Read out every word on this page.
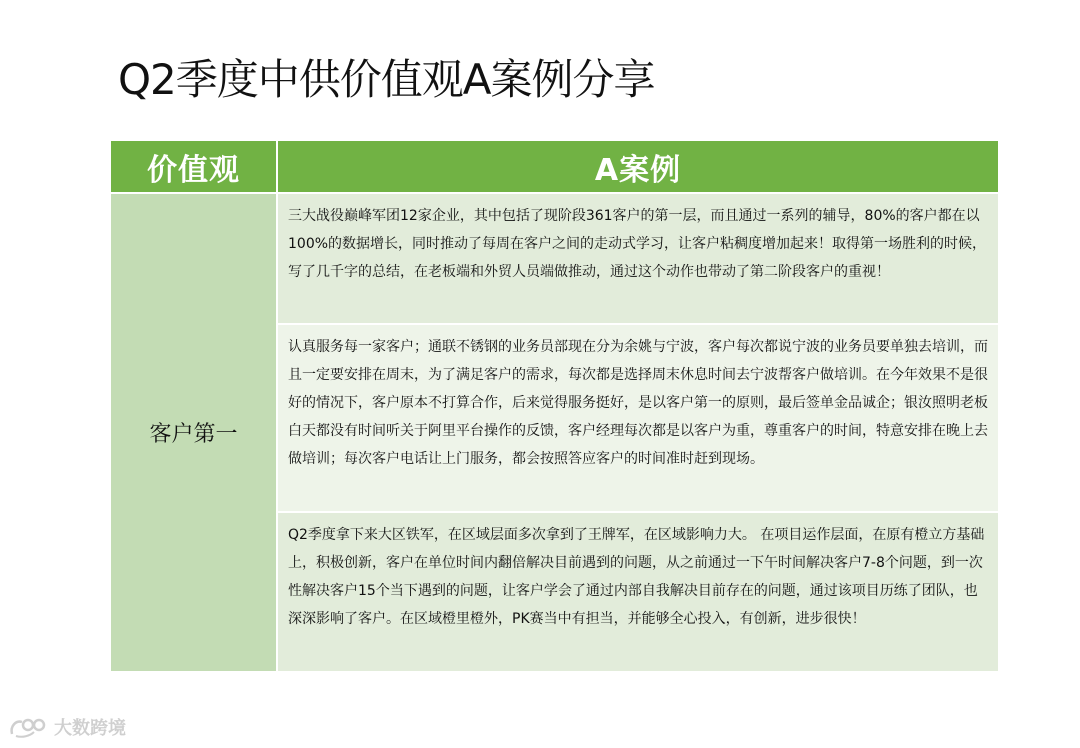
Q2季度中供价值观A案例分享
价值观	A案例
客户第一	三大战役巅峰军团12家企业，其中包括了现阶段361客户的第一层，而且通过一系列的辅导，80%的客户都在以100%的数据增长，同时推动了每周在客户之间的走动式学习，让客户粘稠度增加起来！取得第一场胜利的时候，写了几千字的总结，在老板端和外贸人员端做推动，通过这个动作也带动了第二阶段客户的重视！
	认真服务每一家客户；通联不锈钢的业务员部现在分为余姚与宁波，客户每次都说宁波的业务员要单独去培训，而且一定要安排在周末，为了满足客户的需求，每次都是选择周末休息时间去宁波帮客户做培训。在今年效果不是很好的情况下，客户原本不打算合作，后来觉得服务挺好，是以客户第一的原则，最后签单金品诚企；银汝照明老板白天都没有时间听关于阿里平台操作的反馈，客户经理每次都是以客户为重，尊重客户的时间，特意安排在晚上去做培训；每次客户电话让上门服务，都会按照答应客户的时间准时赶到现场。
	Q2季度拿下来大区铁军，在区域层面多次拿到了王牌军，在区域影响力大。 在项目运作层面，在原有橙立方基础上，积极创新，客户在单位时间内翻倍解决目前遇到的问题，从之前通过一下午时间解决客户7-8个问题，到一次性解决客户15个当下遇到的问题，让客户学会了通过内部自我解决目前存在的问题，通过该项目历练了团队，也深深影响了客户。在区域橙里橙外，PK赛当中有担当，并能够全心投入，有创新，进步很快！
大数跨境
